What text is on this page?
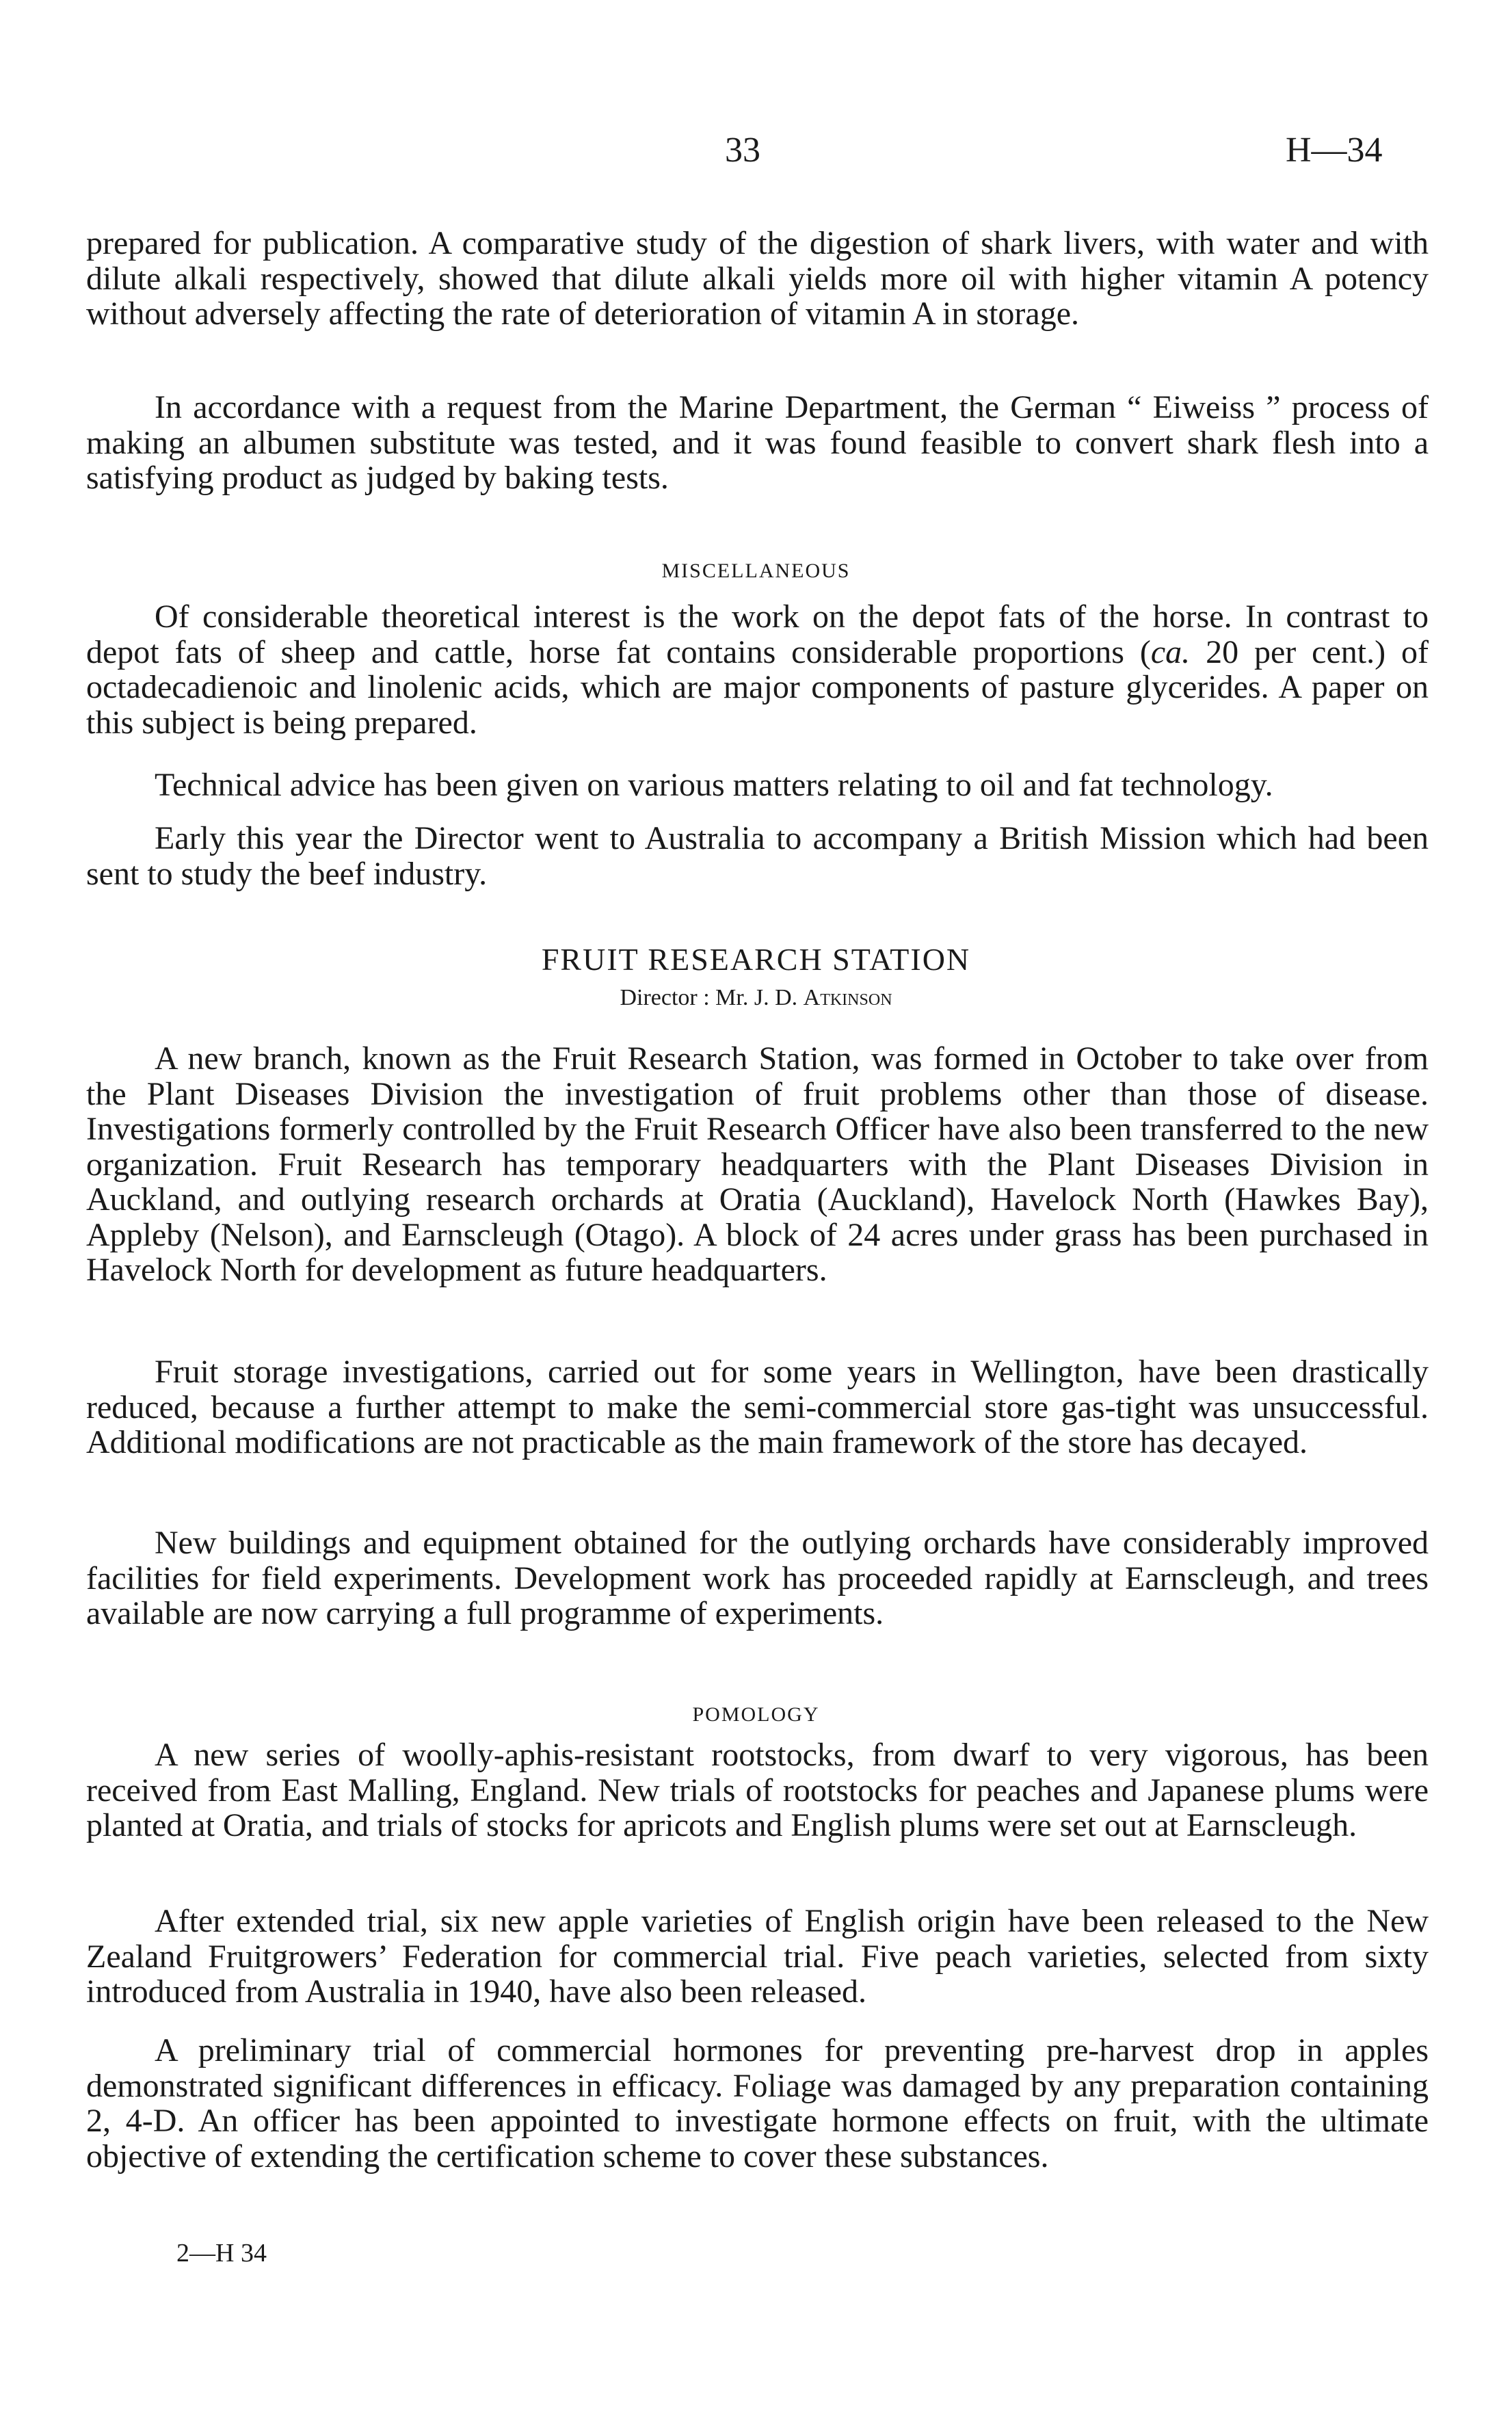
33	H—34

prepared for publication. A comparative study of the digestion of shark livers, with water and with dilute alkali respectively, showed that dilute alkali yields more oil with higher vitamin A potency without adversely affecting the rate of deterioration of vitamin A in storage.

In accordance with a request from the Marine Department, the German “ Eiweiss ” process of making an albumen substitute was tested, and it was found feasible to convert shark flesh into a satisfying product as judged by baking tests.

MISCELLANEOUS

Of considerable theoretical interest is the work on the depot fats of the horse. In contrast to depot fats of sheep and cattle, horse fat contains considerable proportions (ca. 20 per cent.) of octadecadienoic and linolenic acids, which are major components of pasture glycerides. A paper on this subject is being prepared.

Technical advice has been given on various matters relating to oil and fat technology.

Early this year the Director went to Australia to accompany a British Mission which had been sent to study the beef industry.

FRUIT RESEARCH STATION
Director : Mr. J. D. Atkinson

A new branch, known as the Fruit Research Station, was formed in October to take over from the Plant Diseases Division the investigation of fruit problems other than those of disease. Investigations formerly controlled by the Fruit Research Officer have also been transferred to the new organization. Fruit Research has temporary headquarters with the Plant Diseases Division in Auckland, and outlying research orchards at Oratia (Auckland), Havelock North (Hawkes Bay), Appleby (Nelson), and Earnscleugh (Otago). A block of 24 acres under grass has been purchased in Havelock North for development as future headquarters.

Fruit storage investigations, carried out for some years in Wellington, have been drastically reduced, because a further attempt to make the semi-commercial store gas-tight was unsuccessful. Additional modifications are not practicable as the main framework of the store has decayed.

New buildings and equipment obtained for the outlying orchards have considerably improved facilities for field experiments. Development work has proceeded rapidly at Earnscleugh, and trees available are now carrying a full programme of experiments.

POMOLOGY

A new series of woolly-aphis-resistant rootstocks, from dwarf to very vigorous, has been received from East Malling, England. New trials of rootstocks for peaches and Japanese plums were planted at Oratia, and trials of stocks for apricots and English plums were set out at Earnscleugh.

After extended trial, six new apple varieties of English origin have been released to the New Zealand Fruitgrowers’ Federation for commercial trial. Five peach varieties, selected from sixty introduced from Australia in 1940, have also been released.

A preliminary trial of commercial hormones for preventing pre-harvest drop in apples demonstrated significant differences in efficacy. Foliage was damaged by any preparation containing 2, 4-D. An officer has been appointed to investigate hormone effects on fruit, with the ultimate objective of extending the certification scheme to cover these substances.

2—H 34
